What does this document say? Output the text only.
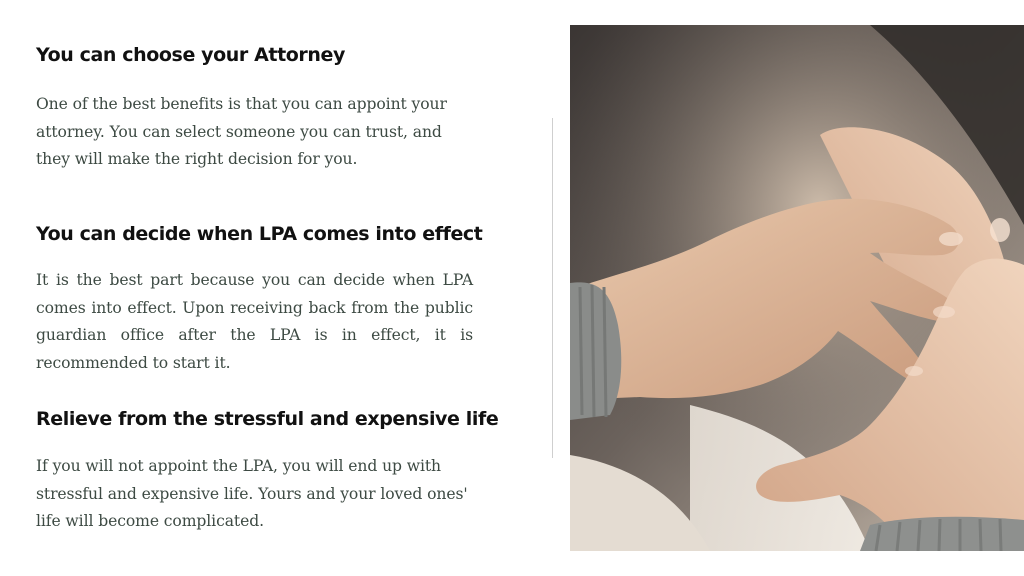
You can choose your Attorney

One of the best benefits is that you can appoint your attorney. You can select someone you can trust, and they will make the right decision for you.

You can decide when LPA comes into effect

It is the best part because you can decide when LPA comes into effect. Upon receiving back from the public guardian office after the LPA is in effect, it is recommended to start it.

Relieve from the stressful and expensive life

If you will not appoint the LPA, you will end up with stressful and expensive life. Yours and your loved ones' life will become complicated.
